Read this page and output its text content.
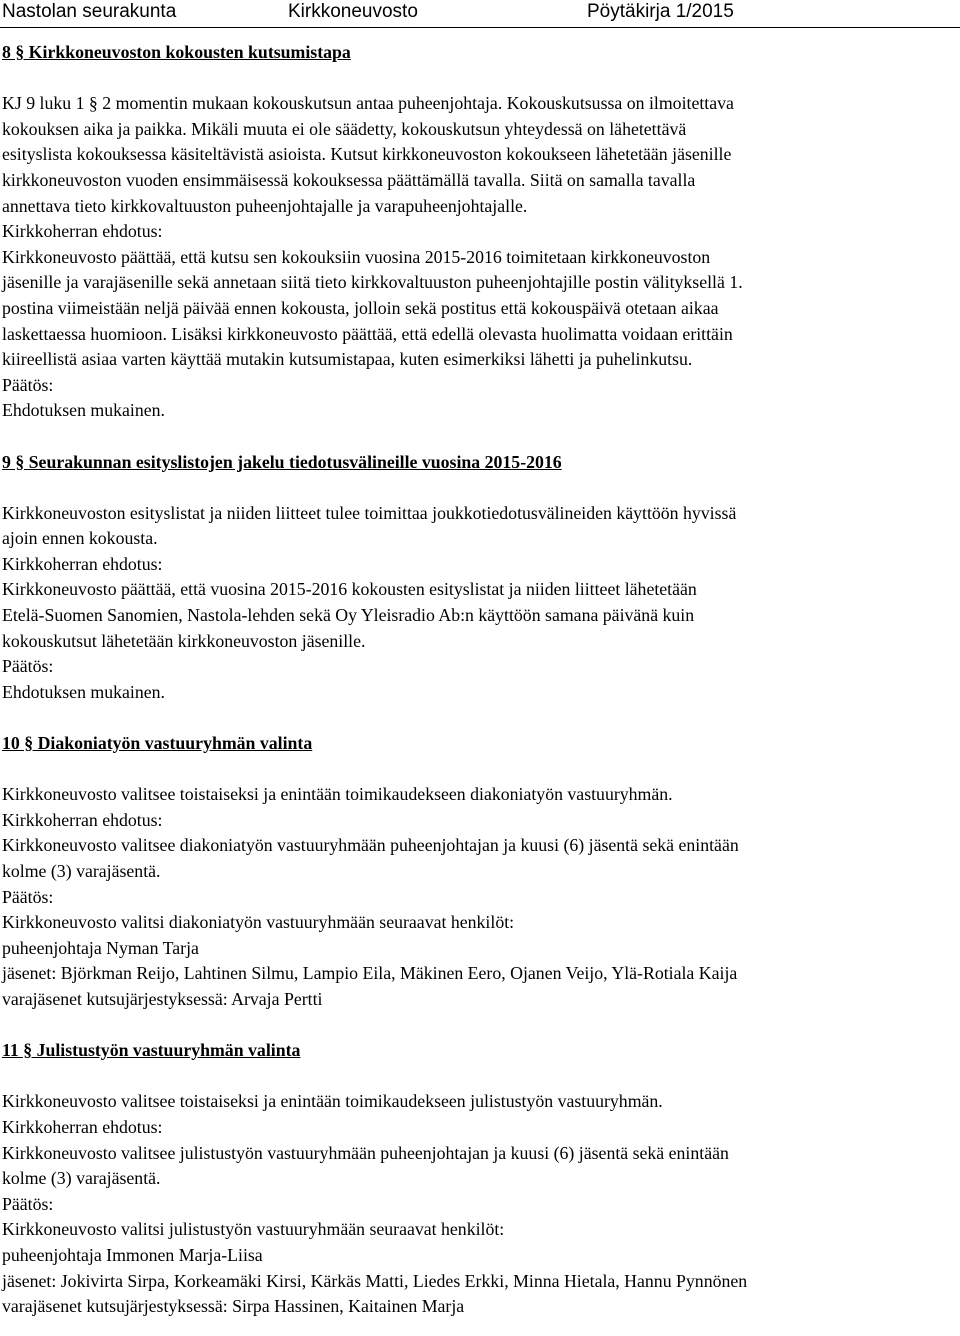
Nastolan seurakunta	Kirkkoneuvosto	Pöytäkirja 1/2015
8 § Kirkkoneuvoston kokousten kutsumistapa
KJ 9 luku 1 § 2 momentin mukaan kokouskutsun antaa puheenjohtaja. Kokouskutsussa on ilmoitettava
kokouksen aika ja paikka. Mikäli muuta ei ole säädetty, kokouskutsun yhteydessä on lähetettävä
esityslista kokouksessa käsiteltävistä asioista. Kutsut kirkkoneuvoston kokoukseen lähetetään jäsenille
kirkkoneuvoston vuoden ensimmäisessä kokouksessa päättämällä tavalla. Siitä on samalla tavalla
annettava tieto kirkkovaltuuston puheenjohtajalle ja varapuheenjohtajalle.
Kirkkoherran ehdotus:
Kirkkoneuvosto päättää, että kutsu sen kokouksiin vuosina 2015-2016 toimitetaan kirkkoneuvoston
jäsenille ja varajäsenille sekä annetaan siitä tieto kirkkovaltuuston puheenjohtajille postin välityksellä 1.
postina viimeistään neljä päivää ennen kokousta, jolloin sekä postitus että kokouspäivä otetaan aikaa
laskettaessa huomioon. Lisäksi kirkkoneuvosto päättää, että edellä olevasta huolimatta voidaan erittäin
kiireellistä asiaa varten käyttää mutakin kutsumistapaa, kuten esimerkiksi lähetti ja puhelinkutsu.
Päätös:
Ehdotuksen mukainen.
9 § Seurakunnan esityslistojen jakelu tiedotusvälineille vuosina 2015-2016
Kirkkoneuvoston esityslistat ja niiden liitteet tulee toimittaa joukkotiedotusvälineiden käyttöön hyvissä
ajoin ennen kokousta.
Kirkkoherran ehdotus:
Kirkkoneuvosto päättää, että vuosina 2015-2016 kokousten esityslistat ja niiden liitteet lähetetään
Etelä-Suomen Sanomien, Nastola-lehden sekä Oy Yleisradio Ab:n käyttöön samana päivänä kuin
kokouskutsut lähetetään kirkkoneuvoston jäsenille.
Päätös:
Ehdotuksen mukainen.
10 § Diakoniatyön vastuuryhmän valinta
Kirkkoneuvosto valitsee toistaiseksi ja enintään toimikaudekseen diakoniatyön vastuuryhmän.
Kirkkoherran ehdotus:
Kirkkoneuvosto valitsee diakoniatyön vastuuryhmään puheenjohtajan ja kuusi (6) jäsentä sekä enintään
kolme (3) varajäsentä.
Päätös:
Kirkkoneuvosto valitsi diakoniatyön vastuuryhmään seuraavat henkilöt:
puheenjohtaja Nyman Tarja
jäsenet: Björkman Reijo, Lahtinen Silmu, Lampio Eila, Mäkinen Eero, Ojanen Veijo, Ylä-Rotiala Kaija
varajäsenet kutsujärjestyksessä: Arvaja Pertti
11 § Julistustyön vastuuryhmän valinta
Kirkkoneuvosto valitsee toistaiseksi ja enintään toimikaudekseen julistustyön vastuuryhmän.
Kirkkoherran ehdotus:
Kirkkoneuvosto valitsee julistustyön vastuuryhmään puheenjohtajan ja kuusi (6) jäsentä sekä enintään
kolme (3) varajäsentä.
Päätös:
Kirkkoneuvosto valitsi julistustyön vastuuryhmään seuraavat henkilöt:
puheenjohtaja Immonen Marja-Liisa
jäsenet: Jokivirta Sirpa, Korkeamäki Kirsi, Kärkäs Matti, Liedes Erkki, Minna Hietala, Hannu Pynnönen
varajäsenet kutsujärjestyksessä: Sirpa Hassinen, Kaitainen Marja
